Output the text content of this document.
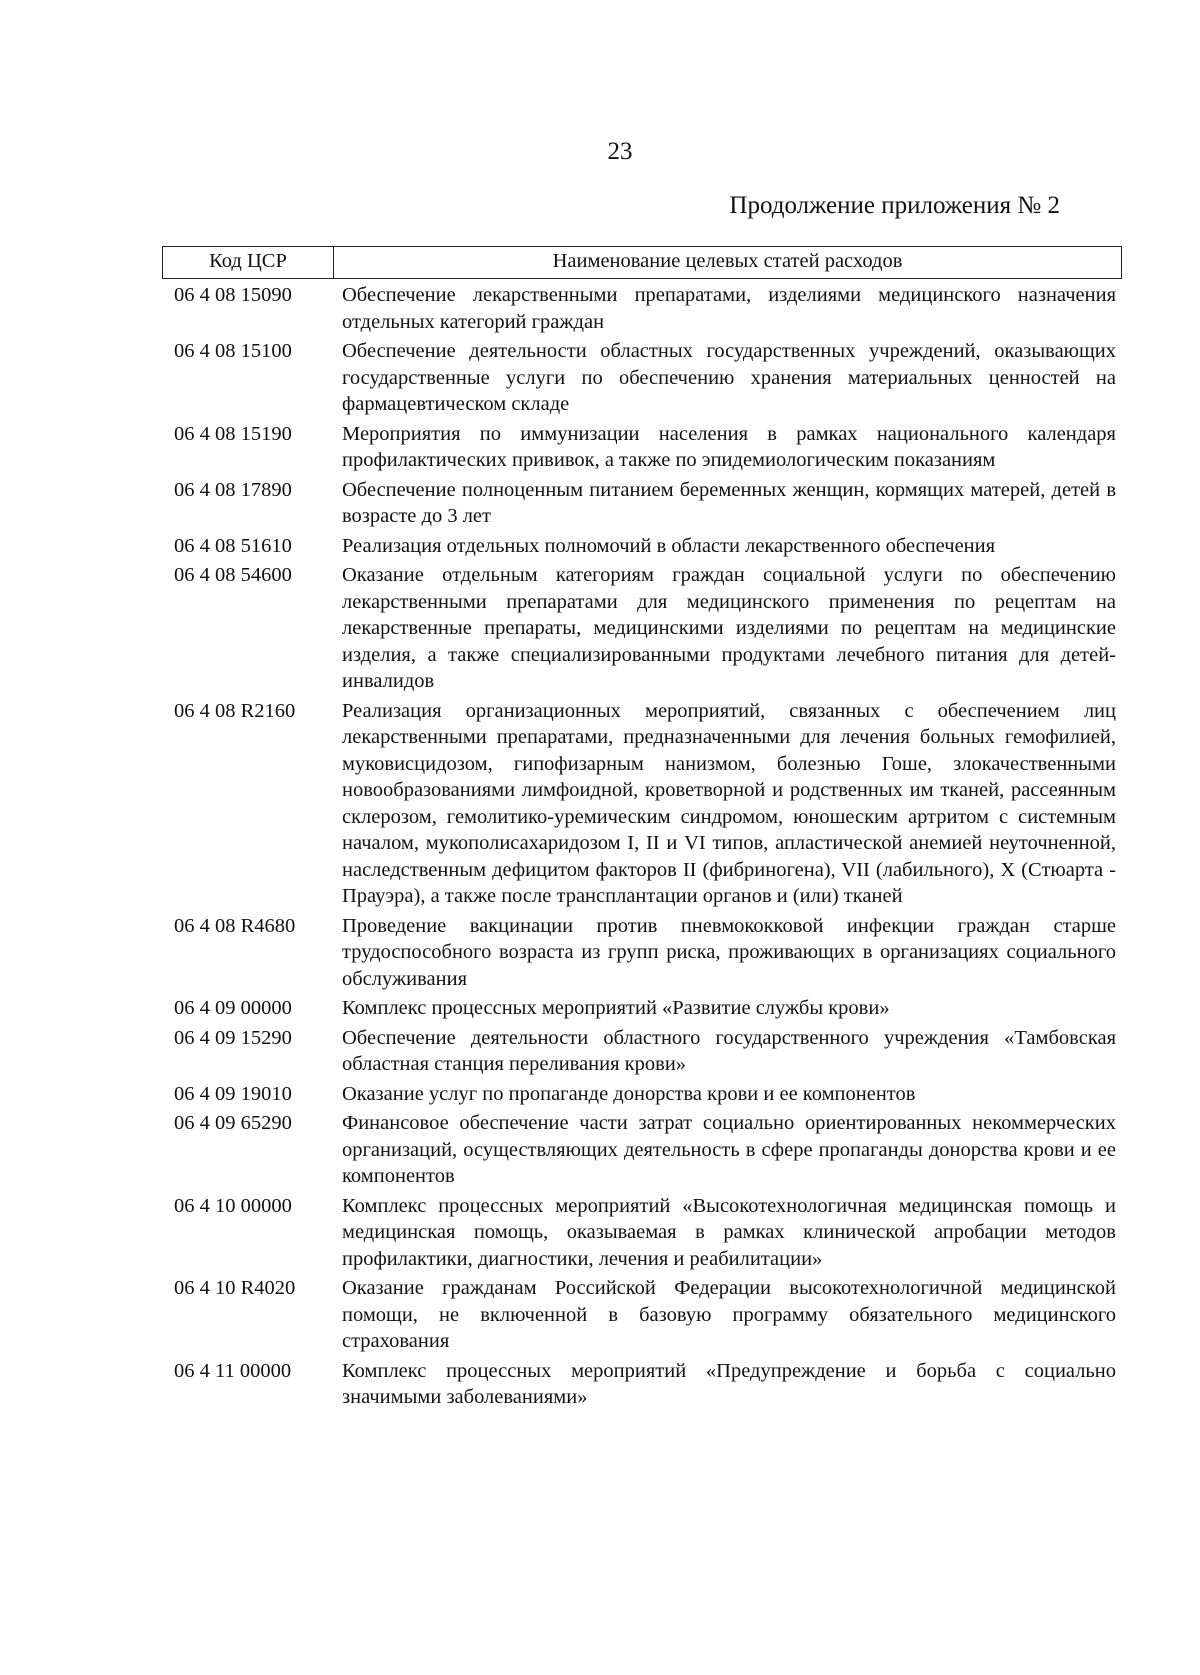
23
Продолжение приложения № 2
Код ЦСР	Наименование целевых статей расходов
06 4 08 15090	Обеспечение лекарственными препаратами, изделиями медицинского назначения отдельных категорий граждан
06 4 08 15100	Обеспечение деятельности областных государственных учреждений, оказывающих государственные услуги по обеспечению хранения материальных ценностей на фармацевтическом складе
06 4 08 15190	Мероприятия по иммунизации населения в рамках национального календаря профилактических прививок, а также по эпидемиологическим показаниям
06 4 08 17890	Обеспечение полноценным питанием беременных женщин, кормящих матерей, детей в возрасте до 3 лет
06 4 08 51610	Реализация отдельных полномочий в области лекарственного обеспечения
06 4 08 54600	Оказание отдельным категориям граждан социальной услуги по обеспечению лекарственными препаратами для медицинского применения по рецептам на лекарственные препараты, медицинскими изделиями по рецептам на медицинские изделия, а также специализированными продуктами лечебного питания для детей-инвалидов
06 4 08 R2160	Реализация организационных мероприятий, связанных с обеспечением лиц лекарственными препаратами, предназначенными для лечения больных гемофилией, муковисцидозом, гипофизарным нанизмом, болезнью Гоше, злокачественными новообразованиями лимфоидной, кроветворной и родственных им тканей, рассеянным склерозом, гемолитико-уремическим синдромом, юношеским артритом с системным началом, мукополисахаридозом I, II и VI типов, апластической анемией неуточненной, наследственным дефицитом факторов II (фибриногена), VII (лабильного), X (Стюарта - Прауэра), а также после трансплантации органов и (или) тканей
06 4 08 R4680	Проведение вакцинации против пневмококковой инфекции граждан старше трудоспособного возраста из групп риска, проживающих в организациях социального обслуживания
06 4 09 00000	Комплекс процессных мероприятий «Развитие службы крови»
06 4 09 15290	Обеспечение деятельности областного государственного учреждения «Тамбовская областная станция переливания крови»
06 4 09 19010	Оказание услуг по пропаганде донорства крови и ее компонентов
06 4 09 65290	Финансовое обеспечение части затрат социально ориентированных некоммерческих организаций, осуществляющих деятельность в сфере пропаганды донорства крови и ее компонентов
06 4 10 00000	Комплекс процессных мероприятий «Высокотехнологичная медицинская помощь и медицинская помощь, оказываемая в рамках клинической апробации методов профилактики, диагностики, лечения и реабилитации»
06 4 10 R4020	Оказание гражданам Российской Федерации высокотехнологичной медицинской помощи, не включенной в базовую программу обязательного медицинского страхования
06 4 11 00000	Комплекс процессных мероприятий «Предупреждение и борьба с социально значимыми заболеваниями»
